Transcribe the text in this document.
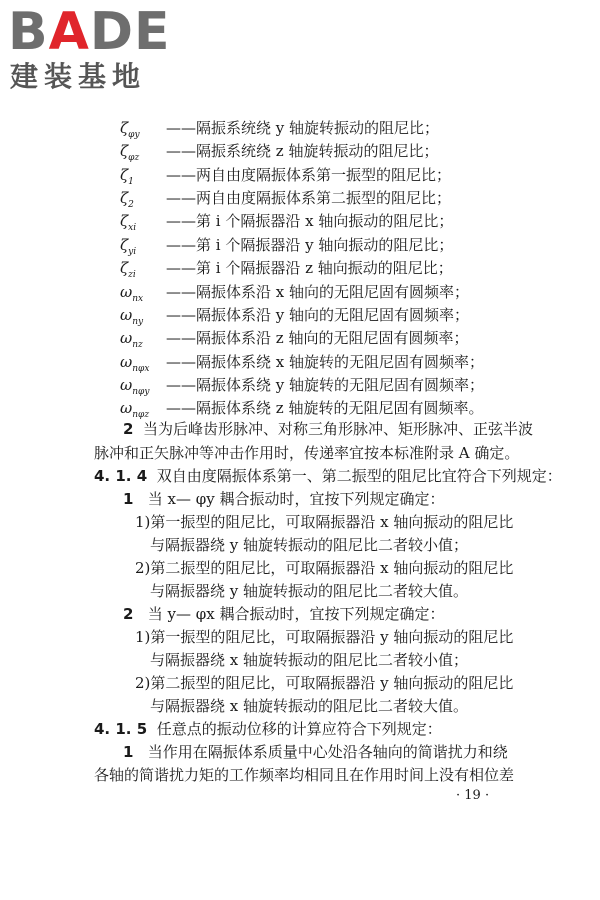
BADE
建装基地
$\zeta_{\varphi y}$ ——隔振系统绕 y 轴旋转振动的阻尼比；
$\zeta_{\varphi z}$ ——隔振系统绕 z 轴旋转振动的阻尼比；
$\zeta_1$ ——两自由度隔振体系第一振型的阻尼比；
$\zeta_2$ ——两自由度隔振体系第二振型的阻尼比；
$\zeta_{xi}$ ——第 i 个隔振器沿 x 轴向振动的阻尼比；
$\zeta_{yi}$ ——第 i 个隔振器沿 y 轴向振动的阻尼比；
$\zeta_{zi}$ ——第 i 个隔振器沿 z 轴向振动的阻尼比；
$\omega_{nx}$ ——隔振体系沿 x 轴向的无阻尼固有圆频率；
$\omega_{ny}$ ——隔振体系沿 y 轴向的无阻尼固有圆频率；
$\omega_{nz}$ ——隔振体系沿 z 轴向的无阻尼固有圆频率；
$\omega_{n\varphi x}$ ——隔振体系绕 x 轴旋转的无阻尼固有圆频率；
$\omega_{n\varphi y}$ ——隔振体系绕 y 轴旋转的无阻尼固有圆频率；
$\omega_{n\varphi z}$ ——隔振体系绕 z 轴旋转的无阻尼固有圆频率。
2 当为后峰齿形脉冲、对称三角形脉冲、矩形脉冲、正弦半波
脉冲和正矢脉冲等冲击作用时，传递率宜按本标准附录 A 确定。
4. 1. 4 双自由度隔振体系第一、第二振型的阻尼比宜符合下列规定：
1 当 x— φy 耦合振动时，宜按下列规定确定：
1)第一振型的阻尼比，可取隔振器沿 x 轴向振动的阻尼比
与隔振器绕 y 轴旋转振动的阻尼比二者较小值；
2)第二振型的阻尼比，可取隔振器沿 x 轴向振动的阻尼比
与隔振器绕 y 轴旋转振动的阻尼比二者较大值。
2 当 y— φx 耦合振动时，宜按下列规定确定：
1)第一振型的阻尼比，可取隔振器沿 y 轴向振动的阻尼比
与隔振器绕 x 轴旋转振动的阻尼比二者较小值；
2)第二振型的阻尼比，可取隔振器沿 y 轴向振动的阻尼比
与隔振器绕 x 轴旋转振动的阻尼比二者较大值。
4. 1. 5 任意点的振动位移的计算应符合下列规定：
1 当作用在隔振体系质量中心处沿各轴向的简谐扰力和绕
各轴的简谐扰力矩的工作频率均相同且在作用时间上没有相位差
· 19 ·
